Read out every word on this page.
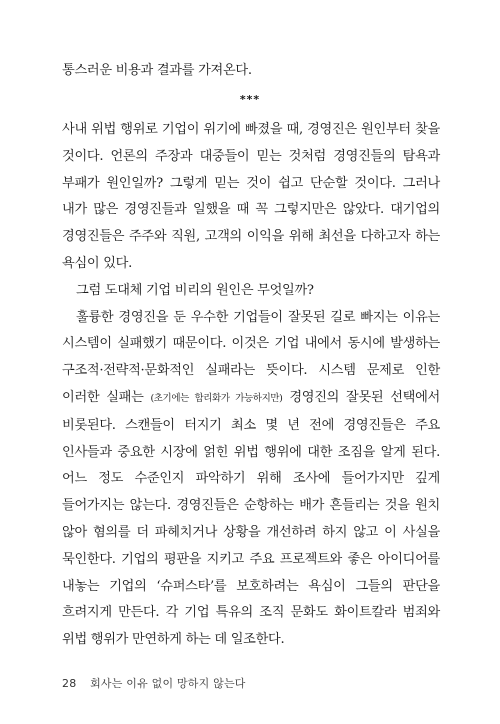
통스러운 비용과 결과를 가져온다.

***

사내 위법 행위로 기업이 위기에 빠졌을 때, 경영진은 원인부터 찾을 것이다. 언론의 주장과 대중들이 믿는 것처럼 경영진들의 탐욕과 부패가 원인일까? 그렇게 믿는 것이 쉽고 단순할 것이다. 그러나 내가 많은 경영진들과 일했을 때 꼭 그렇지만은 않았다. 대기업의 경영진들은 주주와 직원, 고객의 이익을 위해 최선을 다하고자 하는 욕심이 있다.

그럼 도대체 기업 비리의 원인은 무엇일까?

훌륭한 경영진을 둔 우수한 기업들이 잘못된 길로 빠지는 이유는 시스템이 실패했기 때문이다. 이것은 기업 내에서 동시에 발생하는 구조적·전략적·문화적인 실패라는 뜻이다. 시스템 문제로 인한 이러한 실패는 (초기에는 합리화가 가능하지만) 경영진의 잘못된 선택에서 비롯된다. 스캔들이 터지기 최소 몇 년 전에 경영진들은 주요 인사들과 중요한 시장에 얽힌 위법 행위에 대한 조짐을 알게 된다. 어느 정도 수준인지 파악하기 위해 조사에 들어가지만 깊게 들어가지는 않는다. 경영진들은 순항하는 배가 흔들리는 것을 원치 않아 혐의를 더 파헤치거나 상황을 개선하려 하지 않고 이 사실을 묵인한다. 기업의 평판을 지키고 주요 프로젝트와 좋은 아이디어를 내놓는 기업의 ‘슈퍼스타’를 보호하려는 욕심이 그들의 판단을 흐려지게 만든다. 각 기업 특유의 조직 문화도 화이트칼라 범죄와 위법 행위가 만연하게 하는 데 일조한다.

28 회사는 이유 없이 망하지 않는다
